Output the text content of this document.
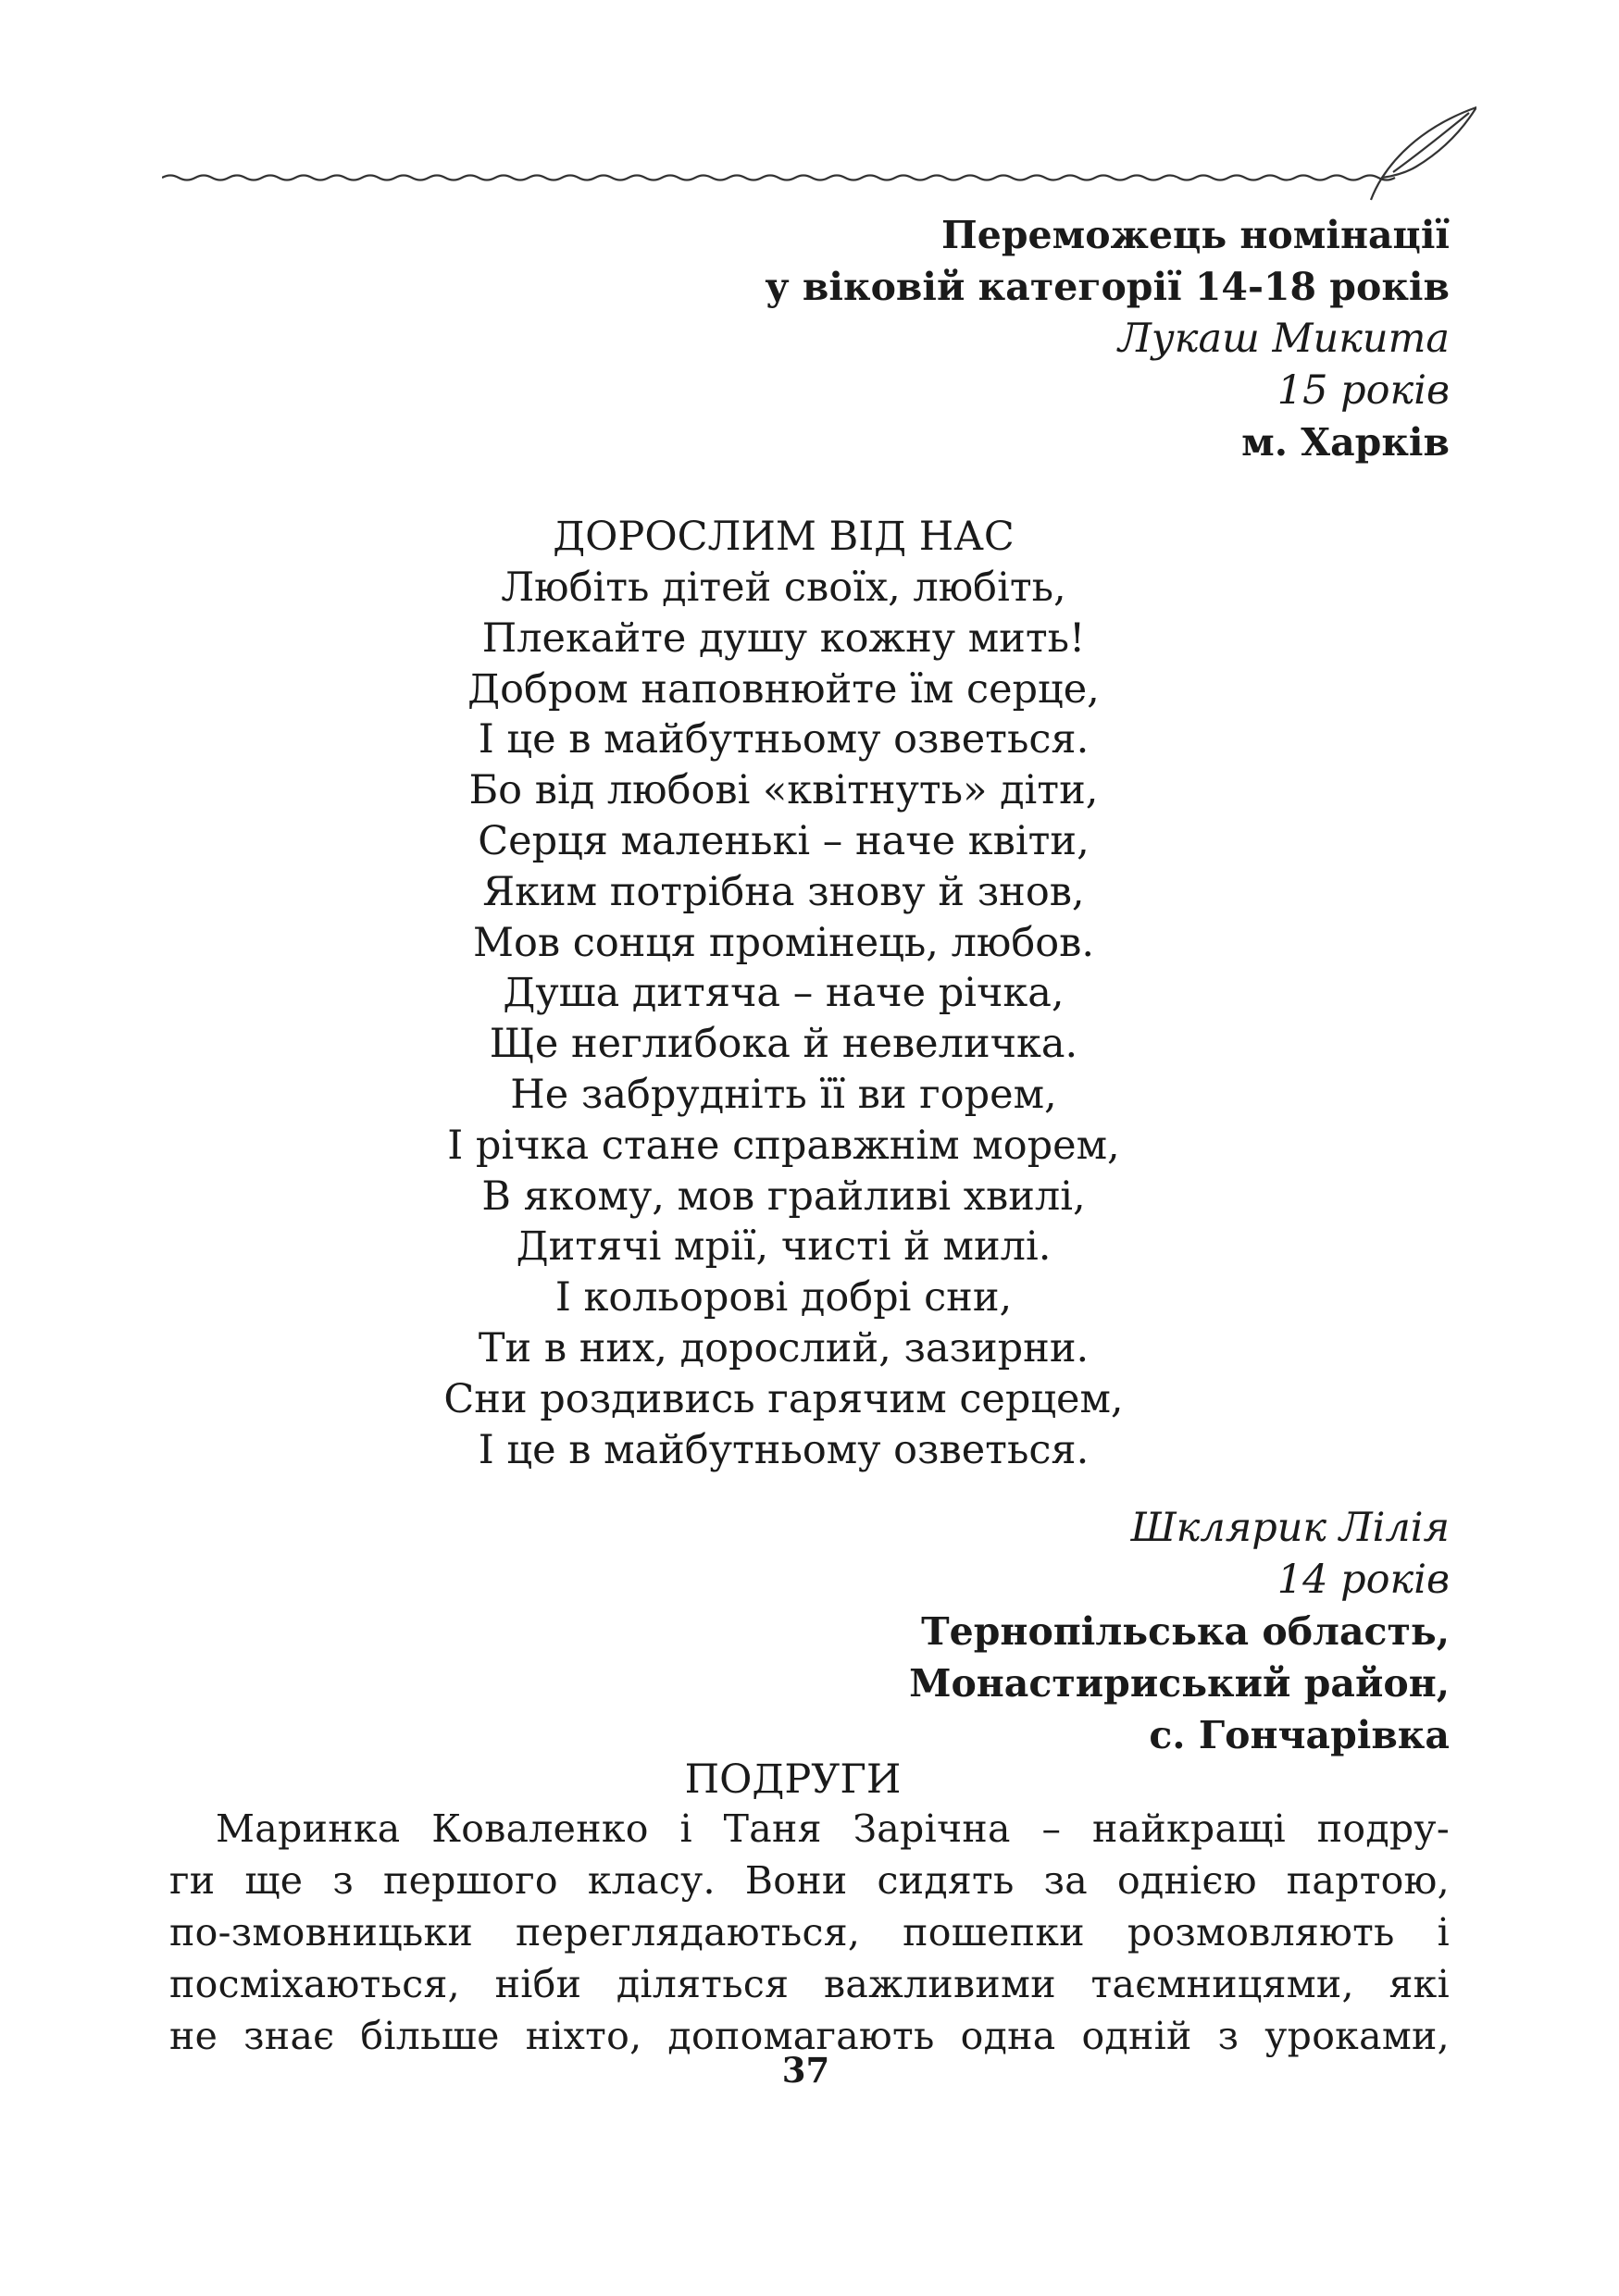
Переможець номінації
у віковій категорії 14-18 років
Лукаш Микита
15 років
м. Харків
ДОРОСЛИМ ВІД НАС
Любіть дітей своїх, любіть,
Плекайте душу кожну мить!
Добром наповнюйте їм серце,
І це в майбутньому озветься.
Бо від любові «квітнуть» діти,
Серця маленькі – наче квіти,
Яким потрібна знову й знов,
Мов сонця промінець, любов.
Душа дитяча – наче річка,
Ще неглибока й невеличка.
Не забрудніть її ви горем,
І річка стане справжнім морем,
В якому, мов грайливі хвилі,
Дитячі мрії, чисті й милі.
І кольорові добрі сни,
Ти в них, дорослий, зазирни.
Сни роздивись гарячим серцем,
І це в майбутньому озветься.
Шклярик Лілія
14 років
Тернопільська область,
Монастириський район,
с. Гончарівка
ПОДРУГИ
Маринка Коваленко і Таня Зарічна – найкращі подру-
ги ще з першого класу. Вони сидять за однією партою,
по-змовницьки переглядаються, пошепки розмовляють і
посміхаються, ніби діляться важливими таємницями, які
не знає більше ніхто, допомагають одна одній з уроками,
37
